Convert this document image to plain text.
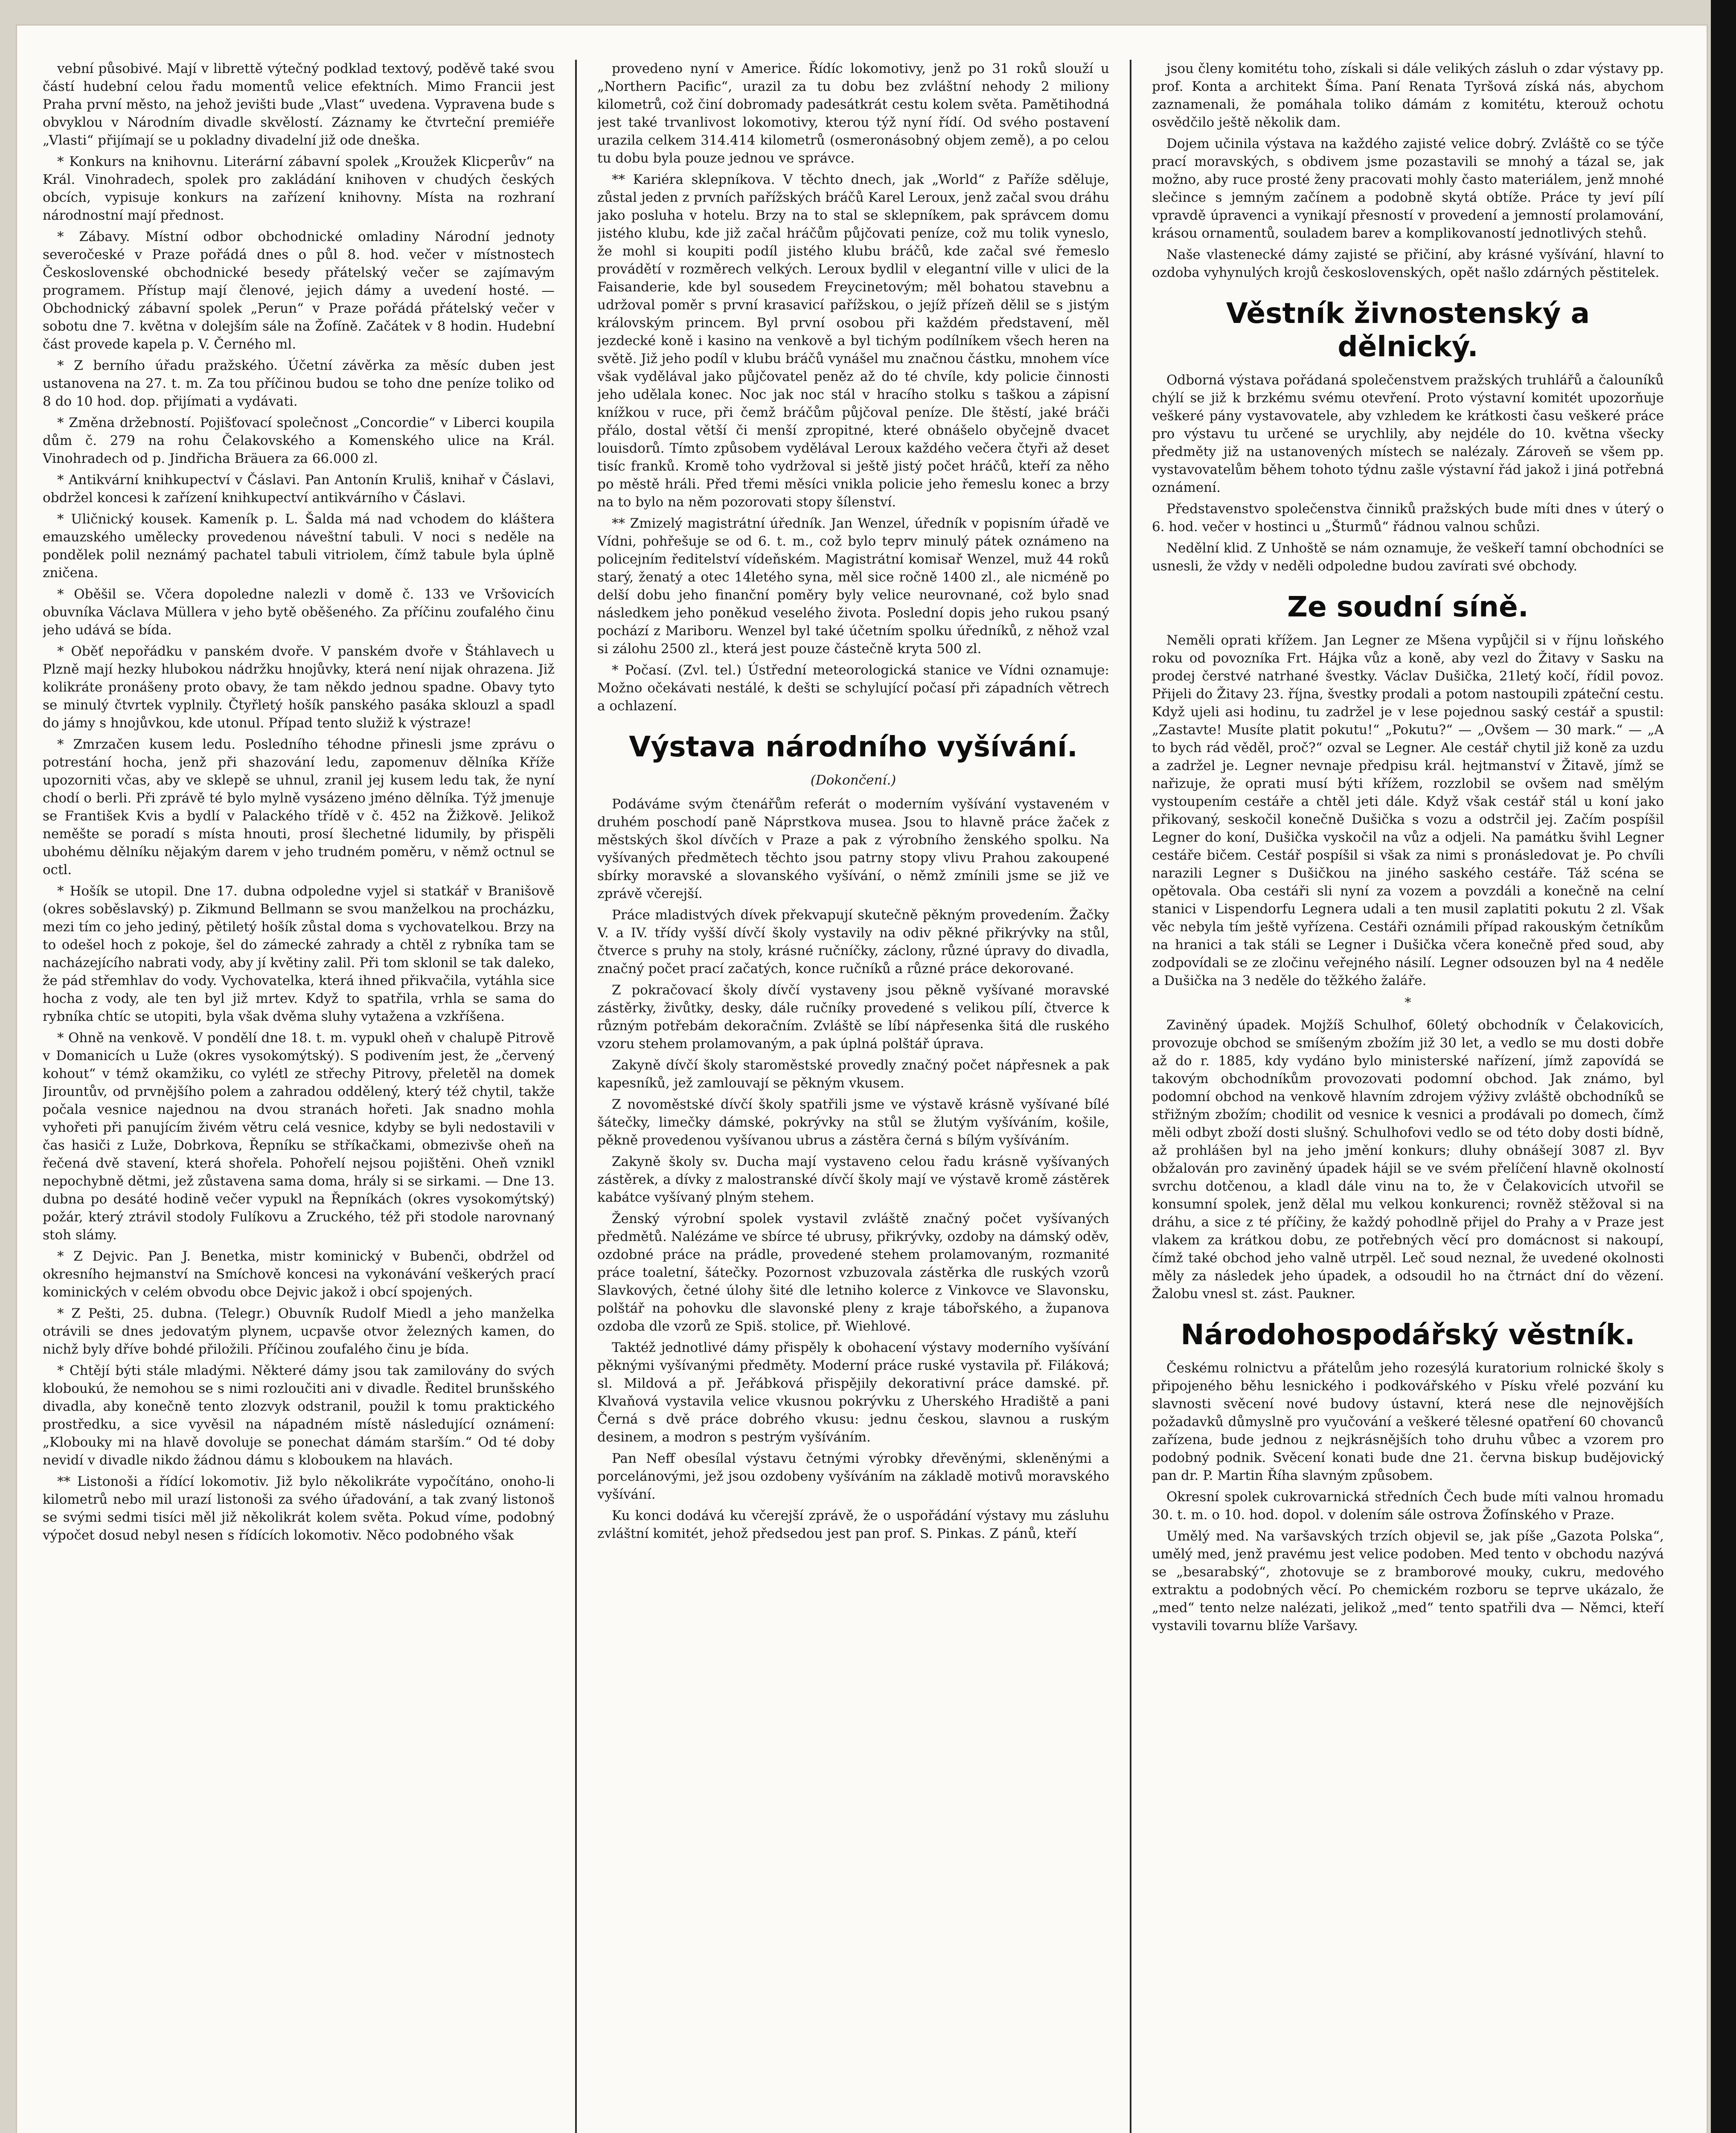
vební působivé. Mají v librettě výtečný podklad textový, poděvě také svou částí hudební celou řadu momentů velice efektních. Mimo Francii jest Praha první město, na jehož jevišti bude „Vlast“ uvedena. Vypravena bude s obvyklou v Národním divadle skvělostí. Záznamy ke čtvrteční premiéře „Vlasti“ přijímají se u pokladny divadelní již ode dneška.

* Konkurs na knihovnu. Literární zábavní spolek „Kroužek Klicperův“ na Král. Vinohradech, spolek pro zakládání knihoven v chudých českých obcích, vypisuje konkurs na zařízení knihovny. Místa na rozhraní národnostní mají přednost.

* Zábavy. Místní odbor obchodnické omladiny Národní jednoty severočeské v Praze pořádá dnes o půl 8. hod. večer v místnostech Československé obchodnické besedy přátelský večer se zajímavým programem. Přístup mají členové, jejich dámy a uvedení hosté. — Obchodnický zábavní spolek „Perun“ v Praze pořádá přátelský večer v sobotu dne 7. května v dolejším sále na Žofíně. Začátek v 8 hodin. Hudební část provede kapela p. V. Černého ml.

* Z berního úřadu pražského. Účetní závěrka za měsíc duben jest ustanovena na 27. t. m. Za tou příčinou budou se toho dne peníze toliko od 8 do 10 hod. dop. přijímati a vydávati.

* Změna držebností. Pojišťovací společnost „Concordie“ v Liberci koupila dům č. 279 na rohu Čelakovského a Komenského ulice na Král. Vinohradech od p. Jindřicha Bräuera za 66.000 zl.

* Antikvární knihkupectví v Čáslavi. Pan Antonín Kruliš, knihař v Čáslavi, obdržel koncesi k zařízení knihkupectví antikvárního v Čáslavi.

* Uličnický kousek. Kameník p. L. Šalda má nad vchodem do kláštera emauzského umělecky provedenou náveštní tabuli. V noci s neděle na pondělek polil neznámý pachatel tabuli vitriolem, čímž tabule byla úplně zničena.

* Oběšil se. Včera dopoledne nalezli v domě č. 133 ve Vršovicích obuvníka Václava Müllera v jeho bytě oběšeného. Za příčinu zoufalého činu jeho udává se bída.

* Oběť nepořádku v panském dvoře. V panském dvoře v Štáhlavech u Plzně mají hezky hlubokou nádržku hnojůvky, která není nijak ohrazena. Již kolikráte pronášeny proto obavy, že tam někdo jednou spadne. Obavy tyto se minulý čtvrtek vyplnily. Čtyřletý hošík panského pasáka sklouzl a spadl do jámy s hnojůvkou, kde utonul. Případ tento služiž k výstraze!

* Zmrzačen kusem ledu. Posledního téhodne přinesli jsme zprávu o potrestání hocha, jenž při shazování ledu, zapomenuv dělníka Kříže upozorniti včas, aby ve sklepě se uhnul, zranil jej kusem ledu tak, že nyní chodí o berli. Při zprávě té bylo mylně vysázeno jméno dělníka. Týž jmenuje se František Kvis a bydlí v Palackého třídě v č. 452 na Žižkově. Jelikož neměšte se poradí s místa hnouti, prosí šlechetné lidumily, by přispěli ubohému dělníku nějakým darem v jeho trudném poměru, v němž octnul se octl.

* Hošík se utopil. Dne 17. dubna odpoledne vyjel si statkář v Branišově (okres soběslavský) p. Zikmund Bellmann se svou manželkou na procházku, mezi tím co jeho jediný, pětiletý hošík zůstal doma s vychovatelkou. Brzy na to odešel hoch z pokoje, šel do zámecké zahrady a chtěl z rybníka tam se nacházejícího nabrati vody, aby jí květiny zalil. Při tom sklonil se tak daleko, že pád střemhlav do vody. Vychovatelka, která ihned přikvačila, vytáhla sice hocha z vody, ale ten byl již mrtev. Když to spatřila, vrhla se sama do rybníka chtíc se utopiti, byla však dvěma sluhy vytažena a vzkříšena.

* Ohně na venkově. V pondělí dne 18. t. m. vypukl oheň v chalupě Pitrově v Domanicích u Luže (okres vysokomýtský). S podivením jest, že „červený kohout“ v témž okamžiku, co vylétl ze střechy Pitrovy, přeletěl na domek Jirountův, od prvnějšího polem a zahradou oddělený, který též chytil, takže počala vesnice najednou na dvou stranách hořeti. Jak snadno mohla vyhořeti při panujícím živém větru celá vesnice, kdyby se byli nedostavili v čas hasiči z Luže, Dobrkova, Řepníku se stříkačkami, obmezivše oheň na řečená dvě stavení, která shořela. Pohořelí nejsou pojištěni. Oheň vznikl nepochybně dětmi, jež zůstavena sama doma, hrály si se sirkami. — Dne 13. dubna po desáté hodině večer vypukl na Řepníkách (okres vysokomýtský) požár, který ztrávil stodoly Fulíkovu a Zruckého, též při stodole narovnaný stoh slámy.

* Z Dejvic. Pan J. Benetka, mistr kominický v Bubenči, obdržel od okresního hejmanství na Smíchově koncesi na vykonávání veškerých prací kominických v celém obvodu obce Dejvic jakož i obcí spojených.

* Z Pešti, 25. dubna. (Telegr.) Obuvník Rudolf Miedl a jeho manželka otrávili se dnes jedovatým plynem, ucpavše otvor železných kamen, do nichž byly dříve bohdé přiložili. Příčinou zoufalého činu je bída.

* Chtějí býti stále mladými. Některé dámy jsou tak zamilovány do svých kloboukú, že nemohou se s nimi rozloučiti ani v divadle. Ředitel brunšského divadla, aby konečně tento zlozvyk odstranil, použil k tomu praktického prostředku, a sice vyvěsil na nápadném místě následující oznámení: „Klobouky mi na hlavě dovoluje se ponechat dámám starším.“ Od té doby nevidí v divadle nikdo žádnou dámu s kloboukem na hlavách.

** Listonoši a řídící lokomotiv. Již bylo několikráte vypočítáno, onoho-li kilometrů nebo mil urazí listonoši za svého úřadování, a tak zvaný listonoš se svými sedmi tisíci měl již několikrát kolem světa. Pokud víme, podobný výpočet dosud nebyl nesen s řídících lokomotiv. Něco podobného však

provedeno nyní v Americe. Řídíc lokomotivy, jenž po 31 roků slouží u „Northern Pacific“, urazil za tu dobu bez zvláštní nehody 2 miliony kilometrů, což činí dobromady padesátkrát cestu kolem světa. Pamětihodná jest také trvanlivost lokomotivy, kterou týž nyní řídí. Od svého postavení urazila celkem 314.414 kilometrů (osmeronásobný objem země), a po celou tu dobu byla pouze jednou ve správce.

** Kariéra sklepníkova. V těchto dnech, jak „World“ z Paříže sděluje, zůstal jeden z prvních pařížských bráčů Karel Leroux, jenž začal svou dráhu jako posluha v hotelu. Brzy na to stal se sklepníkem, pak správcem domu jistého klubu, kde již začal hráčům půjčovati peníze, což mu tolik vyneslo, že mohl si koupiti podíl jistého klubu bráčů, kde začal své řemeslo provádětí v rozměrech velkých. Leroux bydlil v elegantní ville v ulici de la Faisanderie, kde byl sousedem Freycinetovým; měl bohatou stavebnu a udržoval poměr s první krasavicí pařížskou, o jejíž přízeň dělil se s jistým královským princem. Byl první osobou při každém představení, měl jezdecké koně i kasino na venkově a byl tichým podílníkem všech heren na světě. Již jeho podíl v klubu bráčů vynášel mu značnou částku, mnohem více však vydělával jako půjčovatel peněz až do té chvíle, kdy policie činnosti jeho udělala konec. Noc jak noc stál v hracího stolku s taškou a zápisní knížkou v ruce, při čemž bráčům půjčoval peníze. Dle štěstí, jaké bráči přálo, dostal větší či menší zpropitné, které obnášelo obyčejně dvacet louisdorů. Tímto způsobem vydělával Leroux každého večera čtyři až deset tisíc franků. Kromě toho vydržoval si ještě jistý počet hráčů, kteří za něho po městě hráli. Před třemi měsíci vnikla policie jeho řemeslu konec a brzy na to bylo na něm pozorovati stopy šílenství.

** Zmizelý magistrátní úředník. Jan Wenzel, úředník v popisním úřadě ve Vídni, pohřešuje se od 6. t. m., což bylo teprv minulý pátek oznámeno na policejním ředitelství vídeňském. Magistrátní komisař Wenzel, muž 44 roků starý, ženatý a otec 14letého syna, měl sice ročně 1400 zl., ale nicméně po delší dobu jeho finanční poměry byly velice neurovnané, což bylo snad následkem jeho poněkud veselého života. Poslední dopis jeho rukou psaný pochází z Mariboru. Wenzel byl také účetním spolku úředníků, z něhož vzal si zálohu 2500 zl., která jest pouze částečně kryta 500 zl.

* Počasí. (Zvl. tel.) Ústřední meteorologická stanice ve Vídni oznamuje: Možno očekávati nestálé, k dešti se schylující počasí při západních větrech a ochlazení.

Výstava národního vyšívání.

(Dokončení.)

Podáváme svým čtenářům referát o moderním vyšívání vystaveném v druhém poschodí paně Náprstkova musea. Jsou to hlavně práce žaček z městských škol dívčích v Praze a pak z výrobního ženského spolku. Na vyšívaných předmětech těchto jsou patrny stopy vlivu Prahou zakoupené sbírky moravské a slovanského vyšívání, o němž zmínili jsme se již ve zprávě včerejší.

Práce mladistvých dívek překvapují skutečně pěkným provedením. Žačky V. a IV. třídy vyšší dívčí školy vystavily na odiv pěkné přikrývky na stůl, čtverce s pruhy na stoly, krásné ručníčky, záclony, různé úpravy do divadla, značný počet prací začatých, konce ručníků a různé práce dekorované.

Z pokračovací školy dívčí vystaveny jsou pěkně vyšívané moravské zástěrky, živůtky, desky, dále ručníky provedené s velikou pílí, čtverce k různým potřebám dekoračním. Zvláště se líbí nápřesenka šitá dle ruského vzoru stehem prolamovaným, a pak úplná polštář úprava.

Zakyně dívčí školy staroměstské provedly značný počet nápřesnek a pak kapesníků, jež zamlouvají se pěkným vkusem.

Z novoměstské dívčí školy spatřili jsme ve výstavě krásně vyšívané bílé šátečky, limečky dámské, pokrývky na stůl se žlutým vyšíváním, košile, pěkně provedenou vyšívanou ubrus a zástěra černá s bílým vyšíváním.

Zakyně školy sv. Ducha mají vystaveno celou řadu krásně vyšívaných zástěrek, a dívky z malostranské dívčí školy mají ve výstavě kromě zástěrek kabátce vyšívaný plným stehem.

Ženský výrobní spolek vystavil zvláště značný počet vyšívaných předmětů. Nalézáme ve sbírce té ubrusy, přikrývky, ozdoby na dámský oděv, ozdobné práce na prádle, provedené stehem prolamovaným, rozmanité práce toaletní, šátečky. Pozornost vzbuzovala zástěrka dle ruských vzorů Slavkových, četné úlohy šité dle letniho kolerce z Vinkovce ve Slavonsku, polštář na pohovku dle slavonské pleny z kraje tábořského, a županova ozdoba dle vzorů ze Spiš. stolice, př. Wiehlové.

Taktéž jednotlivé dámy přispěly k obohacení výstavy moderního vyšívání pěknými vyšívanými předměty. Moderní práce ruské vystavila př. Filáková; sl. Mildová a př. Jeřábková přispějily dekorativní práce damské. př. Klvaňová vystavila velice vkusnou pokrývku z Uherského Hradiště a pani Černá s dvě práce dobrého vkusu: jednu českou, slavnou a ruským desinem, a modron s pestrým vyšíváním.

Pan Neff obesílal výstavu četnými výrobky dřevěnými, skleněnými a porcelánovými, jež jsou ozdobeny vyšíváním na základě motivů moravského vyšívání.

Ku konci dodává ku včerejší zprávě, že o uspořádání výstavy mu zásluhu zvláštní komitét, jehož předsedou jest pan prof. S. Pinkas. Z pánů, kteří

jsou členy komitétu toho, získali si dále velikých zásluh o zdar výstavy pp. prof. Konta a architekt Šíma. Paní Renata Tyršová získá nás, abychom zaznamenali, že pomáhala toliko dámám z komitétu, kterouž ochotu osvědčilo ještě několik dam.

Dojem učinila výstava na každého zajisté velice dobrý. Zvláště co se týče prací moravských, s obdivem jsme pozastavili se mnohý a tázal se, jak možno, aby ruce prosté ženy pracovati mohly často materiálem, jenž mnohé slečince s jemným začínem a podobně skytá obtíže. Práce ty jeví pílí vpravdě úpravenci a vynikají přesností v provedení a jemností prolamování, krásou ornamentů, souladem barev a komplikovaností jednotlivých stehů.

Naše vlastenecké dámy zajisté se přičiní, aby krásné vyšívání, hlavní to ozdoba vyhynulých krojů československých, opět našlo zdárných pěstitelek.

Věstník živnostenský a dělnický.

Odborná výstava pořádaná společenstvem pražských truhlářů a čalouníků chýlí se již k brzkému svému otevření. Proto výstavní komitét upozorňuje veškeré pány vystavovatele, aby vzhledem ke krátkosti času veškeré práce pro výstavu tu určené se urychlily, aby nejdéle do 10. května všecky předměty již na ustanovených místech se nalézaly. Zároveň se všem pp. vystavovatelům během tohoto týdnu zašle výstavní řád jakož i jiná potřebná oznámení.

Představenstvo společenstva činniků pražských bude míti dnes v úterý o 6. hod. večer v hostinci u „Šturmů“ řádnou valnou schůzi.

Nedělní klid. Z Unhoště se nám oznamuje, že veškeří tamní obchodníci se usnesli, že vždy v neděli odpoledne budou zavírati své obchody.

Ze soudní síně.

Neměli oprati křížem. Jan Legner ze Mšena vypůjčil si v říjnu loňského roku od povozníka Frt. Hájka vůz a koně, aby vezl do Žitavy v Sasku na prodej čerstvé natrhané švestky. Václav Dušička, 21letý kočí, řídil povoz. Přijeli do Žitavy 23. října, švestky prodali a potom nastoupili zpáteční cestu. Když ujeli asi hodinu, tu zadržel je v lese pojednou saský cestář a spustil: „Zastavte! Musíte platit pokutu!“ „Pokutu?“ — „Ovšem — 30 mark.“ — „A to bych rád věděl, proč?“ ozval se Legner. Ale cestář chytil již koně za uzdu a zadržel je. Legner nevnaje předpisu král. hejtmanství v Žitavě, jímž se nařizuje, že oprati musí býti křížem, rozzlobil se ovšem nad smělým vystoupením cestáře a chtěl jeti dále. Když však cestář stál u koní jako přikovaný, seskočil konečně Dušička s vozu a odstrčil jej. Začím pospíšil Legner do koní, Dušička vyskočil na vůz a odjeli. Na památku švihl Legner cestáře bičem. Cestář pospíšil si však za nimi s pronásledovat je. Po chvíli narazili Legner s Dušičkou na jiného saského cestáře. Táž scéna se opětovala. Oba cestáři sli nyní za vozem a povzdáli a konečně na celní stanici v Lispendorfu Legnera udali a ten musil zaplatiti pokutu 2 zl. Však věc nebyla tím ještě vyřízena. Cestáři oznámili případ rakouským četníkům na hranici a tak stáli se Legner i Dušička včera konečně před soud, aby zodpovídali se ze zločinu veřejného násilí. Legner odsouzen byl na 4 neděle a Dušička na 3 neděle do těžkého žaláře.

*

Zaviněný úpadek. Mojžíš Schulhof, 60letý obchodník v Čelakovicích, provozuje obchod se smíšeným zbožím již 30 let, a vedlo se mu dosti dobře až do r. 1885, kdy vydáno bylo ministerské nařízení, jímž zapovídá se takovým obchodníkům provozovati podomní obchod. Jak známo, byl podomní obchod na venkově hlavním zdrojem výživy zvláště obchodníků se střižným zbožím; chodilit od vesnice k vesnici a prodávali po domech, čímž měli odbyt zboží dosti slušný. Schulhofovi vedlo se od této doby dosti bídně, až prohlášen byl na jeho jmění konkurs; dluhy obnášejí 3087 zl. Byv obžalován pro zaviněný úpadek hájil se ve svém přelíčení hlavně okolností svrchu dotčenou, a kladl dále vinu na to, že v Čelakovicích utvořil se konsumní spolek, jenž dělal mu velkou konkurenci; rovněž stěžoval si na dráhu, a sice z té příčiny, že každý pohodlně přijel do Prahy a v Praze jest vlakem za krátkou dobu, ze potřebných věcí pro domácnost si nakoupí, čímž také obchod jeho valně utrpěl. Leč soud neznal, že uvedené okolnosti měly za následek jeho úpadek, a odsoudil ho na čtrnáct dní do vězení. Žalobu vnesl st. zást. Paukner.

Národohospodářský věstník.

Českému rolnictvu a přátelům jeho rozesýlá kuratorium rolnické školy s připojeného běhu lesnického i podkovářského v Písku vřelé pozvání ku slavnosti svěcení nové budovy ústavní, která nese dle nejnovějších požadavků důmyslně pro vyučování a veškeré tělesné opatření 60 chovanců zařízena, bude jednou z nejkrásnějších toho druhu vůbec a vzorem pro podobný podnik. Svěcení konati bude dne 21. června biskup budějovický pan dr. P. Martin Říha slavným způsobem.

Okresní spolek cukrovarnická středních Čech bude míti valnou hromadu 30. t. m. o 10. hod. dopol. v dolením sále ostrova Žofínského v Praze.

Umělý med. Na varšavských trzích objevil se, jak píše „Gazota Polska“, umělý med, jenž pravému jest velice podoben. Med tento v obchodu nazývá se „besarabský“, zhotovuje se z bramborové mouky, cukru, medového extraktu a podobných věcí. Po chemickém rozboru se teprve ukázalo, že „med“ tento nelze nalézati, jelikož „med“ tento spatřili dva — Němci, kteří vystavili tovarnu blíže Varšavy.
